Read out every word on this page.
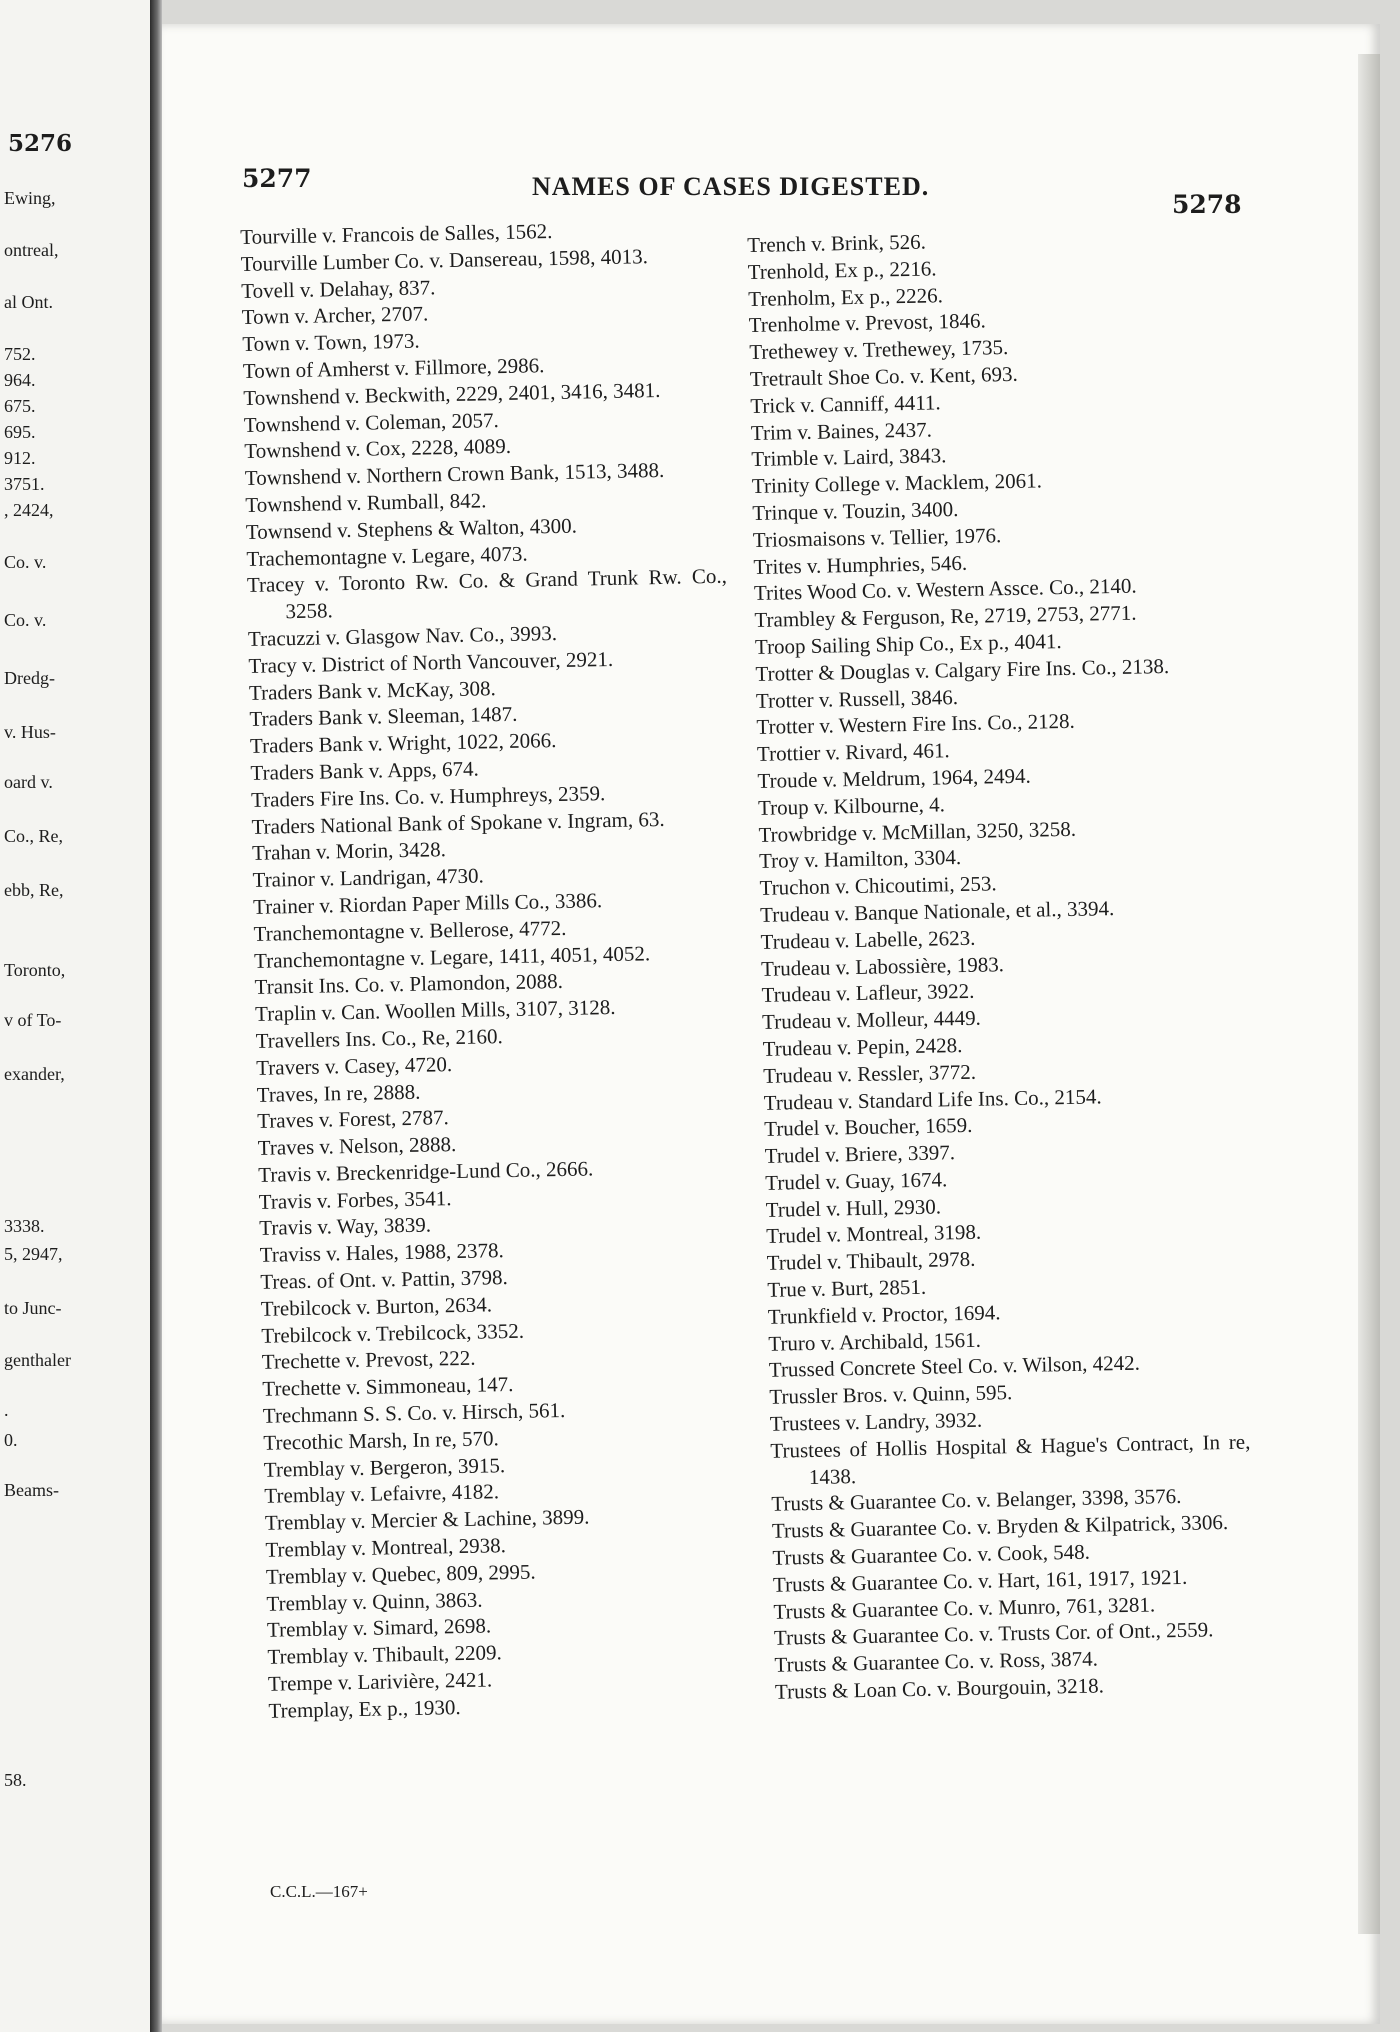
5276
Ewing,
ontreal,
al Ont.
752.
964.
675.
695.
912.
3751.
, 2424,
Co. v.
Co. v.
Dredg-
v. Hus-
oard v.
Co., Re,
ebb, Re,
Toronto,
v of To-
exander,
3338.
5, 2947,
to Junc-
genthaler
.
0.
Beams-
58.
5277	NAMES OF CASES DIGESTED.
5278
Tourville v. Francois de Salles, 1562.
Tourville Lumber Co. v. Dansereau, 1598, 4013.
Tovell v. Delahay, 837.
Town v. Archer, 2707.
Town v. Town, 1973.
Town of Amherst v. Fillmore, 2986.
Townshend v. Beckwith, 2229, 2401, 3416, 3481.
Townshend v. Coleman, 2057.
Townshend v. Cox, 2228, 4089.
Townshend v. Northern Crown Bank, 1513, 3488.
Townshend v. Rumball, 842.
Townsend v. Stephens & Walton, 4300.
Trachemontagne v. Legare, 4073.
Tracey v. Toronto Rw. Co. & Grand Trunk Rw. Co., 3258.
Tracuzzi v. Glasgow Nav. Co., 3993.
Tracy v. District of North Vancouver, 2921.
Traders Bank v. McKay, 308.
Traders Bank v. Sleeman, 1487.
Traders Bank v. Wright, 1022, 2066.
Traders Bank v. Apps, 674.
Traders Fire Ins. Co. v. Humphreys, 2359.
Traders National Bank of Spokane v. Ingram, 63.
Trahan v. Morin, 3428.
Trainor v. Landrigan, 4730.
Trainer v. Riordan Paper Mills Co., 3386.
Tranchemontagne v. Bellerose, 4772.
Tranchemontagne v. Legare, 1411, 4051, 4052.
Transit Ins. Co. v. Plamondon, 2088.
Traplin v. Can. Woollen Mills, 3107, 3128.
Travellers Ins. Co., Re, 2160.
Travers v. Casey, 4720.
Traves, In re, 2888.
Traves v. Forest, 2787.
Traves v. Nelson, 2888.
Travis v. Breckenridge-Lund Co., 2666.
Travis v. Forbes, 3541.
Travis v. Way, 3839.
Traviss v. Hales, 1988, 2378.
Treas. of Ont. v. Pattin, 3798.
Trebilcock v. Burton, 2634.
Trebilcock v. Trebilcock, 3352.
Trechette v. Prevost, 222.
Trechette v. Simmoneau, 147.
Trechmann S. S. Co. v. Hirsch, 561.
Trecothic Marsh, In re, 570.
Tremblay v. Bergeron, 3915.
Tremblay v. Lefaivre, 4182.
Tremblay v. Mercier & Lachine, 3899.
Tremblay v. Montreal, 2938.
Tremblay v. Quebec, 809, 2995.
Tremblay v. Quinn, 3863.
Tremblay v. Simard, 2698.
Tremblay v. Thibault, 2209.
Trempe v. Larivière, 2421.
Tremplay, Ex p., 1930.
Trench v. Brink, 526.
Trenhold, Ex p., 2216.
Trenholm, Ex p., 2226.
Trenholme v. Prevost, 1846.
Trethewey v. Trethewey, 1735.
Tretrault Shoe Co. v. Kent, 693.
Trick v. Canniff, 4411.
Trim v. Baines, 2437.
Trimble v. Laird, 3843.
Trinity College v. Macklem, 2061.
Trinque v. Touzin, 3400.
Triosmaisons v. Tellier, 1976.
Trites v. Humphries, 546.
Trites Wood Co. v. Western Assce. Co., 2140.
Trambley & Ferguson, Re, 2719, 2753, 2771.
Troop Sailing Ship Co., Ex p., 4041.
Trotter & Douglas v. Calgary Fire Ins. Co., 2138.
Trotter v. Russell, 3846.
Trotter v. Western Fire Ins. Co., 2128.
Trottier v. Rivard, 461.
Troude v. Meldrum, 1964, 2494.
Troup v. Kilbourne, 4.
Trowbridge v. McMillan, 3250, 3258.
Troy v. Hamilton, 3304.
Truchon v. Chicoutimi, 253.
Trudeau v. Banque Nationale, et al., 3394.
Trudeau v. Labelle, 2623.
Trudeau v. Labossière, 1983.
Trudeau v. Lafleur, 3922.
Trudeau v. Molleur, 4449.
Trudeau v. Pepin, 2428.
Trudeau v. Ressler, 3772.
Trudeau v. Standard Life Ins. Co., 2154.
Trudel v. Boucher, 1659.
Trudel v. Briere, 3397.
Trudel v. Guay, 1674.
Trudel v. Hull, 2930.
Trudel v. Montreal, 3198.
Trudel v. Thibault, 2978.
True v. Burt, 2851.
Trunkfield v. Proctor, 1694.
Truro v. Archibald, 1561.
Trussed Concrete Steel Co. v. Wilson, 4242.
Trussler Bros. v. Quinn, 595.
Trustees v. Landry, 3932.
Trustees of Hollis Hospital & Hague's Contract, In re, 1438.
Trusts & Guarantee Co. v. Belanger, 3398, 3576.
Trusts & Guarantee Co. v. Bryden & Kilpatrick, 3306.
Trusts & Guarantee Co. v. Cook, 548.
Trusts & Guarantee Co. v. Hart, 161, 1917, 1921.
Trusts & Guarantee Co. v. Munro, 761, 3281.
Trusts & Guarantee Co. v. Trusts Cor. of Ont., 2559.
Trusts & Guarantee Co. v. Ross, 3874.
Trusts & Loan Co. v. Bourgouin, 3218.
C.C.L.—167+
